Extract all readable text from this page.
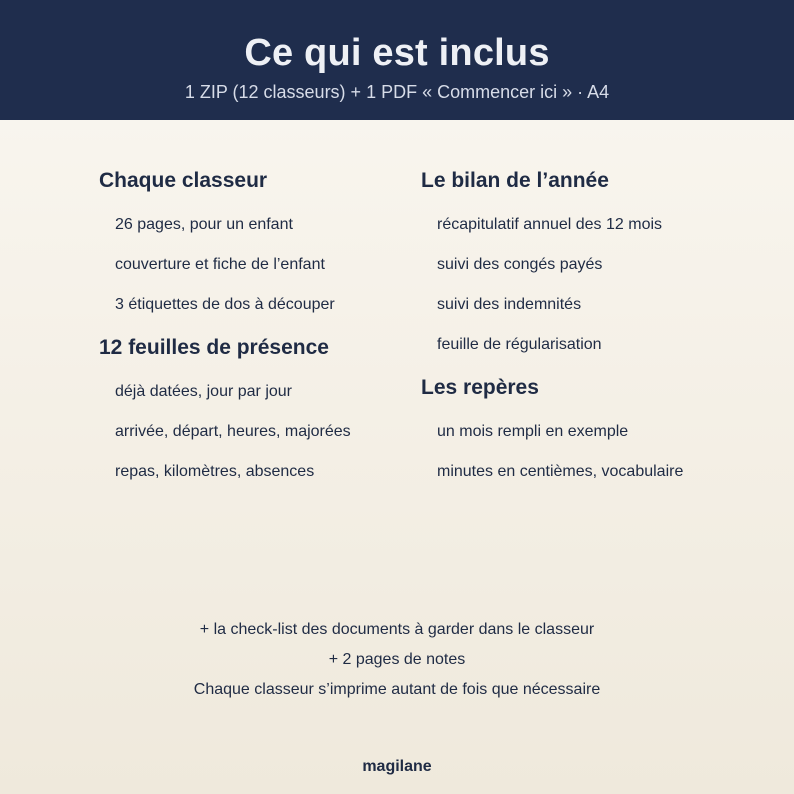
Ce qui est inclus
1 ZIP (12 classeurs) + 1 PDF « Commencer ici » · A4
Chaque classeur
26 pages, pour un enfant
couverture et fiche de l’enfant
3 étiquettes de dos à découper
12 feuilles de présence
déjà datées, jour par jour
arrivée, départ, heures, majorées
repas, kilomètres, absences
Le bilan de l’année
récapitulatif annuel des 12 mois
suivi des congés payés
suivi des indemnités
feuille de régularisation
Les repères
un mois rempli en exemple
minutes en centièmes, vocabulaire
+ la check-list des documents à garder dans le classeur
+ 2 pages de notes
Chaque classeur s’imprime autant de fois que nécessaire
magilane
